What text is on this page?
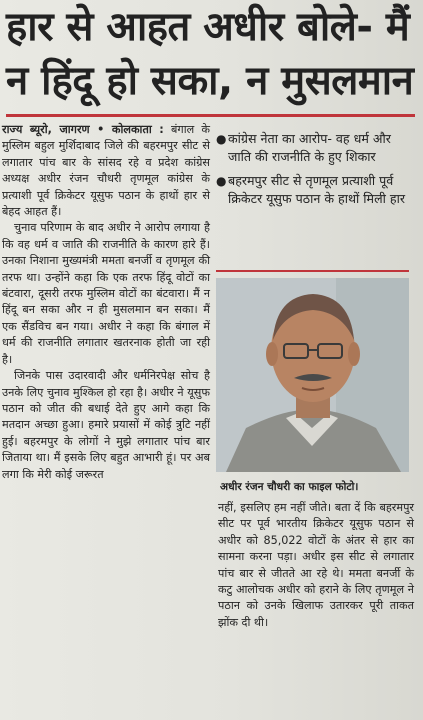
हार से आहत अधीर बोले- मैं
न हिंदू हो सका, न मुसलमान

राज्य ब्यूरो, जागरण • कोलकाता : बंगाल के मुस्लिम बहुल मुर्शिदाबाद जिले की बहरमपुर सीट से लगातार पांच बार के सांसद रहे व प्रदेश कांग्रेस अध्यक्ष अधीर रंजन चौधरी तृणमूल कांग्रेस के प्रत्याशी पूर्व क्रिकेटर यूसुफ पठान के हाथों हार से बेहद आहत हैं।

चुनाव परिणाम के बाद अधीर ने आरोप लगाया है कि वह धर्म व जाति की राजनीति के कारण हारे हैं। उनका निशाना मुख्यमंत्री ममता बनर्जी व तृणमूल की तरफ था। उन्होंने कहा कि एक तरफ हिंदू वोटों का बंटवारा, दूसरी तरफ मुस्लिम वोटों का बंटवारा। मैं न हिंदू बन सका और न ही मुसलमान बन सका। मैं एक सैंडविच बन गया। अधीर ने कहा कि बंगाल में धर्म की राजनीति लगातार खतरनाक होती जा रही है।

जिनके पास उदारवादी और धर्मनिरपेक्ष सोच है उनके लिए चुनाव मुश्किल हो रहा है। अधीर ने यूसुफ पठान को जीत की बधाई देते हुए आगे कहा कि मतदान अच्छा हुआ। हमारे प्रयासों में कोई त्रुटि नहीं हुई। बहरमपुर के लोगों ने मुझे लगातार पांच बार जिताया था। मैं इसके लिए बहुत आभारी हूं। पर अब लगा कि मेरी कोई जरूरत

● कांग्रेस नेता का आरोप- वह धर्म और जाति की राजनीति के हुए शिकार
● बहरमपुर सीट से तृणमूल प्रत्याशी पूर्व क्रिकेटर यूसुफ पठान के हाथों मिली हार
अधीर रंजन चौधरी का फाइल फोटो।

नहीं, इसलिए हम नहीं जीते। बता दें कि बहरमपुर सीट पर पूर्व भारतीय क्रिकेटर यूसुफ पठान से अधीर को 85,022 वोटों के अंतर से हार का सामना करना पड़ा। अधीर इस सीट से लगातार पांच बार से जीतते आ रहे थे। ममता बनर्जी के कटु आलोचक अधीर को हराने के लिए तृणमूल ने पठान को उनके खिलाफ उतारकर पूरी ताकत झोंक दी थी।
